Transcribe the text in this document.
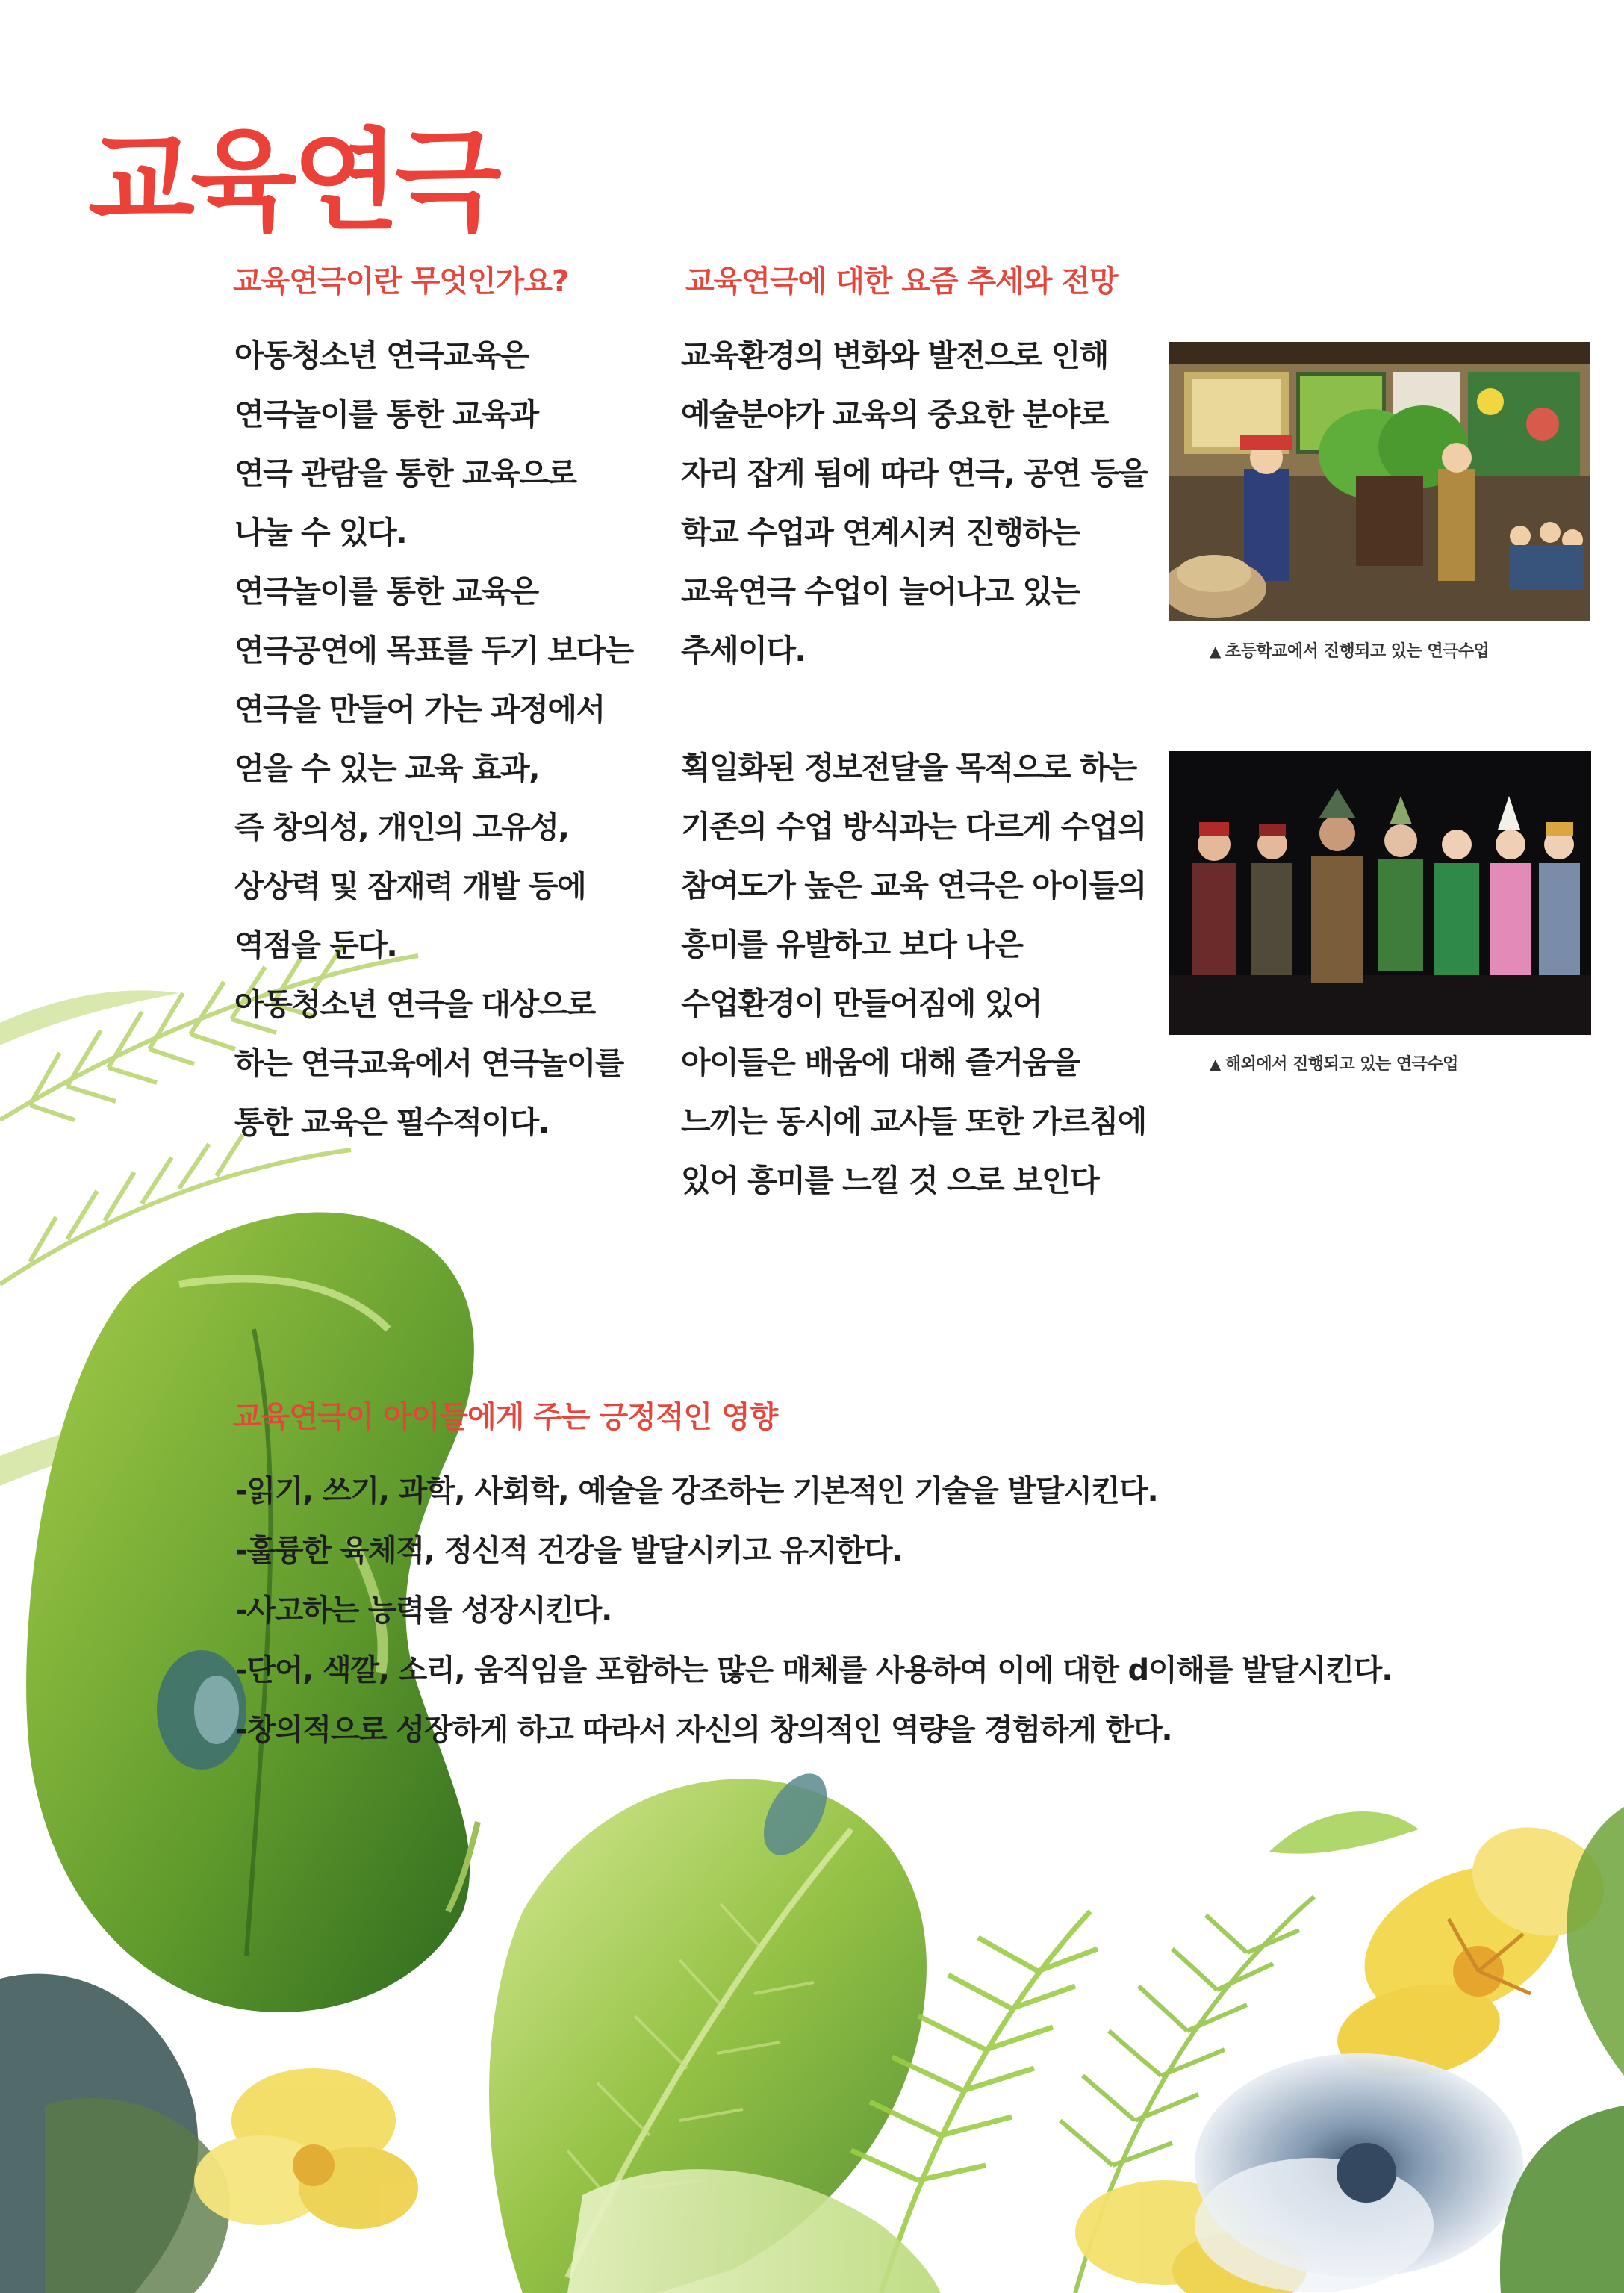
교육연극
교육연극이란 무엇인가요?
아동청소년 연극교육은
연극놀이를 통한 교육과
연극 관람을 통한 교육으로
나눌 수 있다.
연극놀이를 통한 교육은
연극공연에 목표를 두기 보다는
연극을 만들어 가는 과정에서
얻을 수 있는 교육 효과,
즉 창의성, 개인의 고유성,
상상력 및 잠재력 개발 등에
역점을 둔다.
아동청소년 연극을 대상으로
하는 연극교육에서 연극놀이를
통한 교육은 필수적이다.
교육연극에 대한 요즘 추세와 전망
교육환경의 변화와 발전으로 인해
예술분야가 교육의 중요한 분야로
자리 잡게 됨에 따라 연극, 공연 등을
학교 수업과 연계시켜 진행하는
교육연극 수업이 늘어나고 있는
추세이다.
획일화된 정보전달을 목적으로 하는
기존의 수업 방식과는 다르게 수업의
참여도가 높은 교육 연극은 아이들의
흥미를 유발하고 보다 나은
수업환경이 만들어짐에 있어
아이들은 배움에 대해 즐거움을
느끼는 동시에 교사들 또한 가르침에
있어 흥미를 느낄 것 으로 보인다
▲ 초등학교에서 진행되고 있는 연극수업
▲ 해외에서 진행되고 있는 연극수업
교육연극이 아이들에게 주는 긍정적인 영향
-읽기, 쓰기, 과학, 사회학, 예술을 강조하는 기본적인 기술을 발달시킨다.
-훌륭한 육체적, 정신적 건강을 발달시키고 유지한다.
-사고하는 능력을 성장시킨다.
-단어, 색깔, 소리, 움직임을 포함하는 많은 매체를 사용하여 이에 대한 d이해를 발달시킨다.
-창의적으로 성장하게 하고 따라서 자신의 창의적인 역량을 경험하게 한다.
